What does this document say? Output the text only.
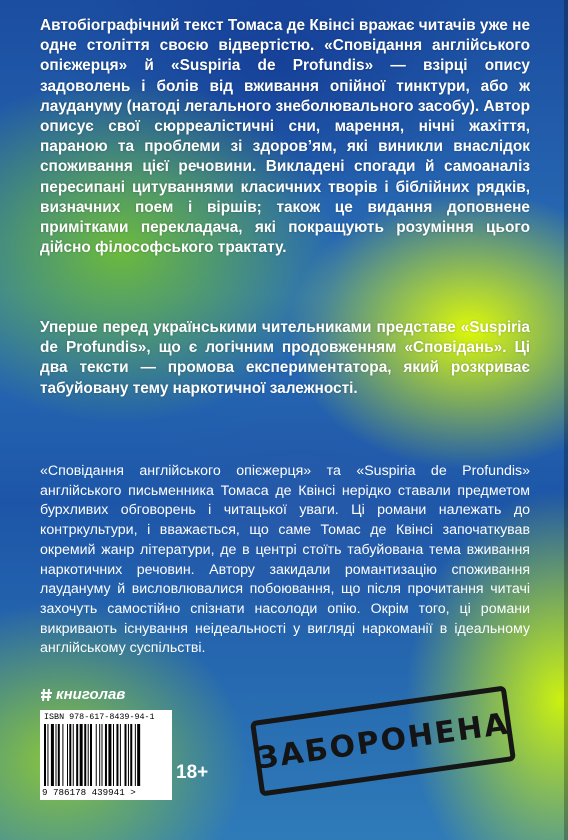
Автобіографічний текст Томаса де Квінсі вражає читачів уже не одне століття своєю відвертістю. «Сповідання англійського опієжерця» й «Suspiria de Profundis» — взірці опису задоволень і болів від вживання опійної тинктури, або ж лаудануму (натоді легального знеболювального засобу). Автор описує свої сюрреалістичні сни, марення, нічні жахіття, параною та проблеми зі здоров’ям, які виникли внаслідок споживання цієї речовини. Викладені спогади й самоаналіз пересипані цитуваннями класичних творів і біблійних рядків, визначних поем і віршів; також це видання доповнене примітками перекладача, які покращують розуміння цього дійсно філософського трактату.

Уперше перед українськими чительниками представе «Suspiria de Profundis», що є логічним продовженням «Сповідань». Ці два тексти — промова експериментатора, який розкриває табуйовану тему наркотичної залежності.

«Сповідання англійського опієжерця» та «Suspiria de Profundis» англійського письменника Томаса де Квінсі нерідко ставали предметом бурхливих обговорень і читацької уваги. Ці романи належать до контркультури, і вважається, що саме Томас де Квінсі започаткував окремий жанр літератури, де в центрі стоїть табуйована тема вживання наркотичних речовин. Автору закидали романтизацію споживання лаудануму й висловлювалися побоювання, що після прочитання читачі захочуть самостійно спізнати насолоди опію. Окрім того, ці романи викривають існування неідеальності у вигляді наркоманії в ідеальному англійському суспільстві.

книголав
ISBN 978-617-8439-94-1
9 786178 439941 >
18+ ЗАБОРОНЕНА
